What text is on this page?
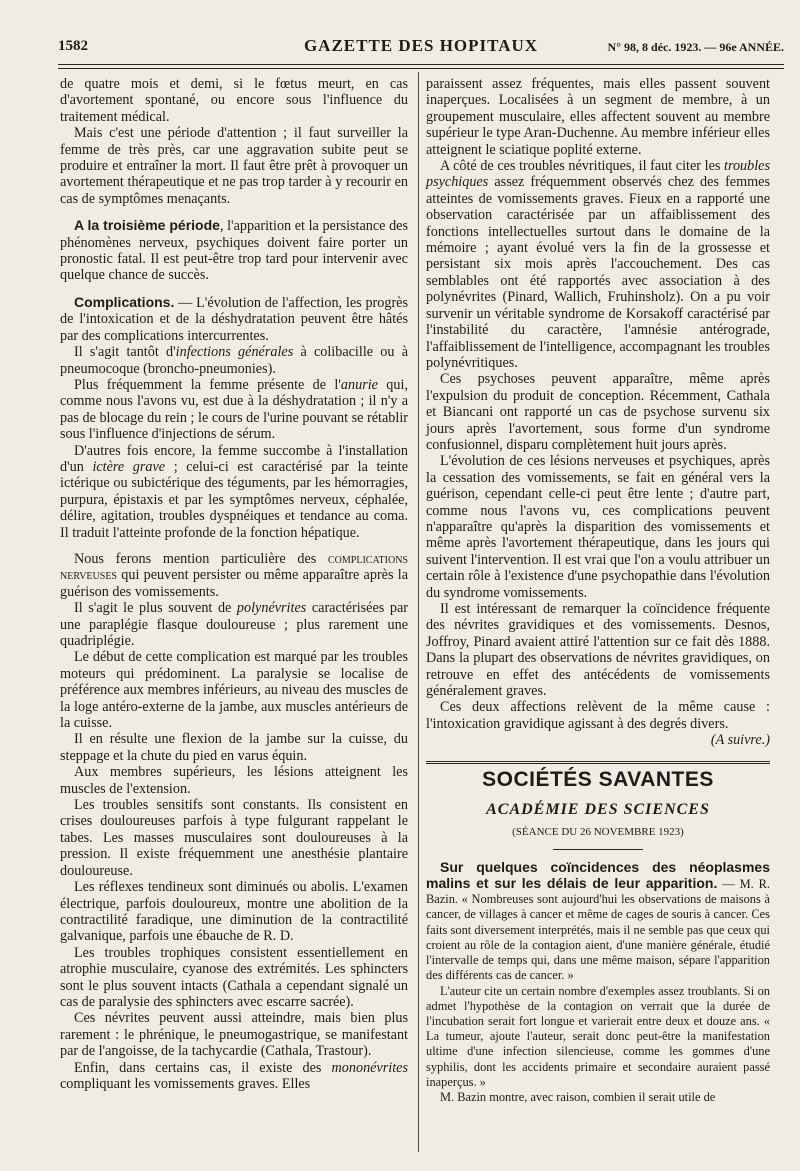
1582	GAZETTE DES HOPITAUX	N° 98, 8 déc. 1923. — 96e ANNÉE.

de quatre mois et demi, si le fœtus meurt, en cas d'avortement spontané, ou encore sous l'influence du traitement médical.

Mais c'est une période d'attention ; il faut surveiller la femme de très près, car une aggravation subite peut se produire et entraîner la mort. Il faut être prêt à provoquer un avortement thérapeutique et ne pas trop tarder à y recourir en cas de symptômes menaçants.

A la troisième période, l'apparition et la persistance des phénomènes nerveux, psychiques doivent faire porter un pronostic fatal. Il est peut-être trop tard pour intervenir avec quelque chance de succès.

Complications. — L'évolution de l'affection, les progrès de l'intoxication et de la déshydratation peuvent être hâtés par des complications intercurrentes.

Il s'agit tantôt d'infections générales à colibacille ou à pneumocoque (broncho-pneumonies).

Plus fréquemment la femme présente de l'anurie qui, comme nous l'avons vu, est due à la déshydratation ; il n'y a pas de blocage du rein ; le cours de l'urine pouvant se rétablir sous l'influence d'injections de sérum.

D'autres fois encore, la femme succombe à l'installation d'un ictère grave ; celui-ci est caractérisé par la teinte ictérique ou subictérique des téguments, par les hémorragies, purpura, épistaxis et par les symptômes nerveux, céphalée, délire, agitation, troubles dyspnéiques et tendance au coma. Il traduit l'atteinte profonde de la fonction hépatique.

Nous ferons mention particulière des complications nerveuses qui peuvent persister ou même apparaître après la guérison des vomissements.

Il s'agit le plus souvent de polynévrites caractérisées par une paraplégie flasque douloureuse ; plus rarement une quadriplégie.

Le début de cette complication est marqué par les troubles moteurs qui prédominent. La paralysie se localise de préférence aux membres inférieurs, au niveau des muscles de la loge antéro-externe de la jambe, aux muscles antérieurs de la cuisse.

Il en résulte une flexion de la jambe sur la cuisse, du steppage et la chute du pied en varus équin.

Aux membres supérieurs, les lésions atteignent les muscles de l'extension.

Les troubles sensitifs sont constants. Ils consistent en crises douloureuses parfois à type fulgurant rappelant le tabes. Les masses musculaires sont douloureuses à la pression. Il existe fréquemment une anesthésie plantaire douloureuse.

Les réflexes tendineux sont diminués ou abolis. L'examen électrique, parfois douloureux, montre une abolition de la contractilité faradique, une diminution de la contractilité galvanique, parfois une ébauche de R. D.

Les troubles trophiques consistent essentiellement en atrophie musculaire, cyanose des extrémités. Les sphincters sont le plus souvent intacts (Cathala a cependant signalé un cas de paralysie des sphincters avec escarre sacrée).

Ces névrites peuvent aussi atteindre, mais bien plus rarement : le phrénique, le pneumogastrique, se manifestant par de l'angoisse, de la tachycardie (Cathala, Trastour).

Enfin, dans certains cas, il existe des mononévrites compliquant les vomissements graves. Elles

paraissent assez fréquentes, mais elles passent souvent inaperçues. Localisées à un segment de membre, à un groupement musculaire, elles affectent souvent au membre supérieur le type Aran-Duchenne. Au membre inférieur elles atteignent le sciatique poplité externe.

A côté de ces troubles névritiques, il faut citer les troubles psychiques assez fréquemment observés chez des femmes atteintes de vomissements graves. Fieux en a rapporté une observation caractérisée par un affaiblissement des fonctions intellectuelles surtout dans le domaine de la mémoire ; ayant évolué vers la fin de la grossesse et persistant six mois après l'accouchement. Des cas semblables ont été rapportés avec association à des polynévrites (Pinard, Wallich, Fruhinsholz). On a pu voir survenir un véritable syndrome de Korsakoff caractérisé par l'instabilité du caractère, l'amnésie antérograde, l'affaiblissement de l'intelligence, accompagnant les troubles polynévritiques.

Ces psychoses peuvent apparaître, même après l'expulsion du produit de conception. Récemment, Cathala et Biancani ont rapporté un cas de psychose survenu six jours après l'avortement, sous forme d'un syndrome confusionnel, disparu complètement huit jours après.

L'évolution de ces lésions nerveuses et psychiques, après la cessation des vomissements, se fait en général vers la guérison, cependant celle-ci peut être lente ; d'autre part, comme nous l'avons vu, ces complications peuvent n'apparaître qu'après la disparition des vomissements et même après l'avortement thérapeutique, dans les jours qui suivent l'intervention. Il est vrai que l'on a voulu attribuer un certain rôle à l'existence d'une psychopathie dans l'évolution du syndrome vomissements.

Il est intéressant de remarquer la coïncidence fréquente des névrites gravidiques et des vomissements. Desnos, Joffroy, Pinard avaient attiré l'attention sur ce fait dès 1888. Dans la plupart des observations de névrites gravidiques, on retrouve en effet des antécédents de vomissements généralement graves.

Ces deux affections relèvent de la même cause : l'intoxication gravidique agissant à des degrés divers.
(A suivre.)

SOCIÉTÉS SAVANTES
ACADÉMIE DES SCIENCES
(SÉANCE DU 26 NOVEMBRE 1923)

Sur quelques coïncidences des néoplasmes malins et sur les délais de leur apparition. — M. R. Bazin. « Nombreuses sont aujourd'hui les observations de maisons à cancer, de villages à cancer et même de cages de souris à cancer. Ces faits sont diversement interprétés, mais il ne semble pas que ceux qui croient au rôle de la contagion aient, d'une manière générale, étudié l'intervalle de temps qui, dans une même maison, sépare l'apparition des différents cas de cancer. »

L'auteur cite un certain nombre d'exemples assez troublants. Si on admet l'hypothèse de la contagion on verrait que la durée de l'incubation serait fort longue et varierait entre deux et douze ans. « La tumeur, ajoute l'auteur, serait donc peut-être la manifestation ultime d'une infection silencieuse, comme les gommes d'une syphilis, dont les accidents primaire et secondaire auraient passé inaperçus. »

M. Bazin montre, avec raison, combien il serait utile de
